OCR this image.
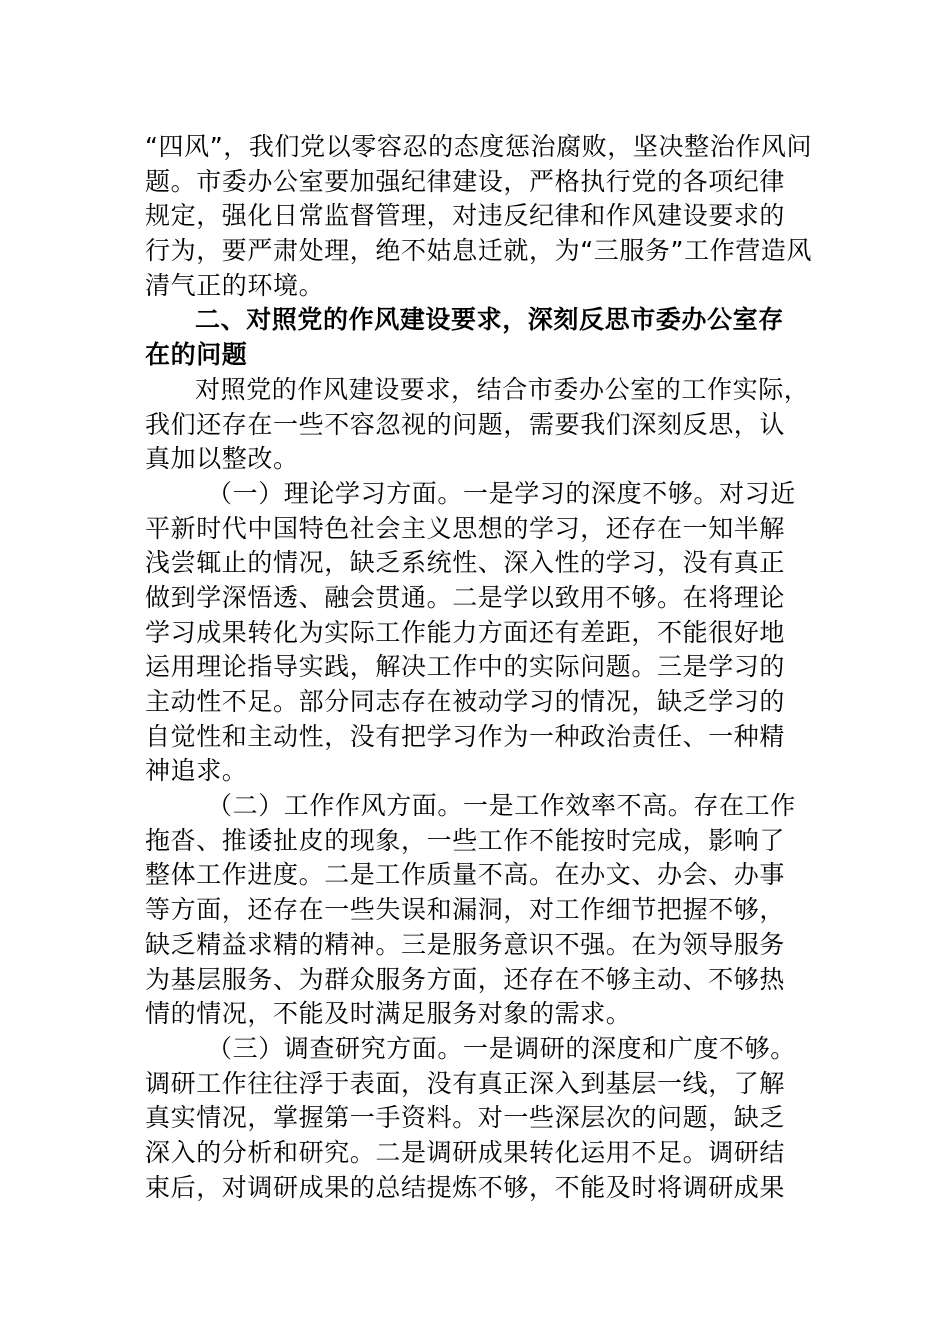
“四风”，我们党以零容忍的态度惩治腐败，坚决整治作风问
题。市委办公室要加强纪律建设，严格执行党的各项纪律
规定，强化日常监督管理，对违反纪律和作风建设要求的
行为，要严肃处理，绝不姑息迁就，为“三服务”工作营造风
清气正的环境。
二、对照党的作风建设要求，深刻反思市委办公室存
在的问题
对照党的作风建设要求，结合市委办公室的工作实际，
我们还存在一些不容忽视的问题，需要我们深刻反思，认
真加以整改。
（一）理论学习方面。一是学习的深度不够。对习近
平新时代中国特色社会主义思想的学习，还存在一知半解
浅尝辄止的情况，缺乏系统性、深入性的学习，没有真正
做到学深悟透、融会贯通。二是学以致用不够。在将理论
学习成果转化为实际工作能力方面还有差距，不能很好地
运用理论指导实践，解决工作中的实际问题。三是学习的
主动性不足。部分同志存在被动学习的情况，缺乏学习的
自觉性和主动性，没有把学习作为一种政治责任、一种精
神追求。
（二）工作作风方面。一是工作效率不高。存在工作
拖沓、推诿扯皮的现象，一些工作不能按时完成，影响了
整体工作进度。二是工作质量不高。在办文、办会、办事
等方面，还存在一些失误和漏洞，对工作细节把握不够，
缺乏精益求精的精神。三是服务意识不强。在为领导服务
为基层服务、为群众服务方面，还存在不够主动、不够热
情的情况，不能及时满足服务对象的需求。
（三）调查研究方面。一是调研的深度和广度不够。
调研工作往往浮于表面，没有真正深入到基层一线，了解
真实情况，掌握第一手资料。对一些深层次的问题，缺乏
深入的分析和研究。二是调研成果转化运用不足。调研结
束后，对调研成果的总结提炼不够，不能及时将调研成果
